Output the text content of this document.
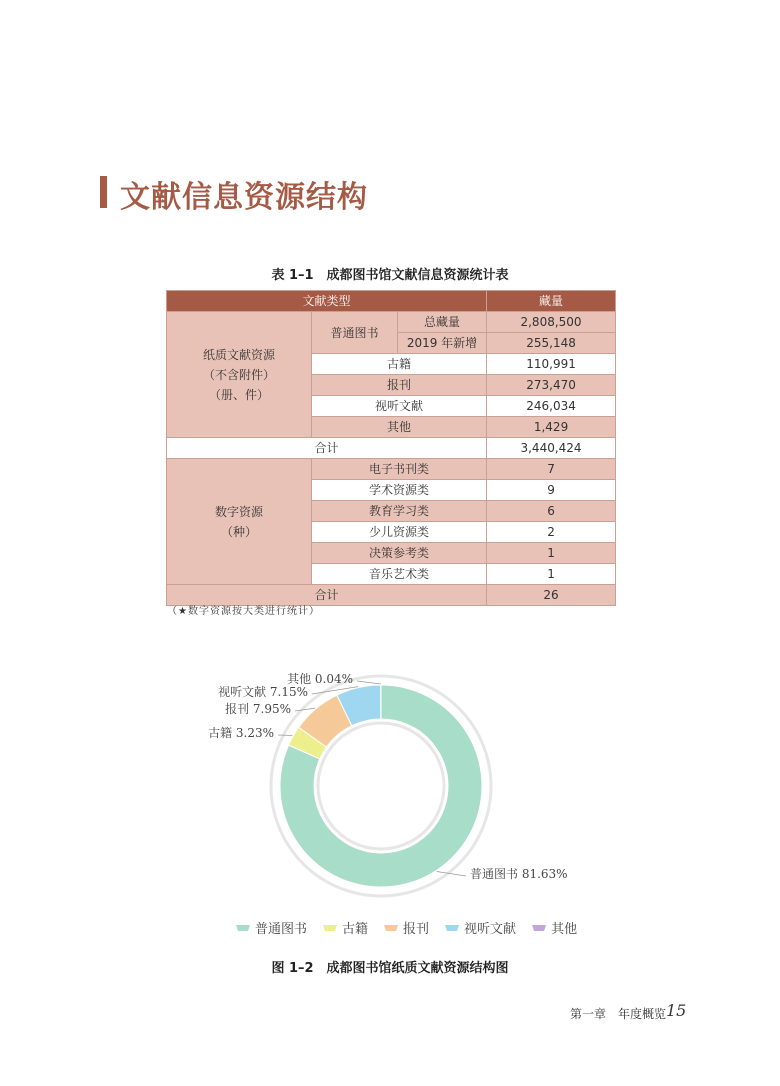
文献信息资源结构
表 1–1　成都图书馆文献信息资源统计表
文献类型			藏量

纸质文献资源
（不含附件）
（册、件）	普通图书	总藏量	2,808,500
		2019 年新增	255,148
	古籍		110,991
	报刊		273,470
	视听文献		246,034
	其他		1,429
合计			3,440,424

数字资源
（种）	电子书刊类		7
	学术资源类		9
	教育学习类		6
	少儿资源类		2
	决策参考类		1
	音乐艺术类		1
合计			26
（★数字资源按大类进行统计）
普通图书 81.63%
古籍 3.23%
报刊 7.95%
视听文献 7.15%
其他 0.04%
普通图书	古籍	报刊	视听文献	其他
图 1–2　成都图书馆纸质文献资源结构图
第一章　年度概览 15
